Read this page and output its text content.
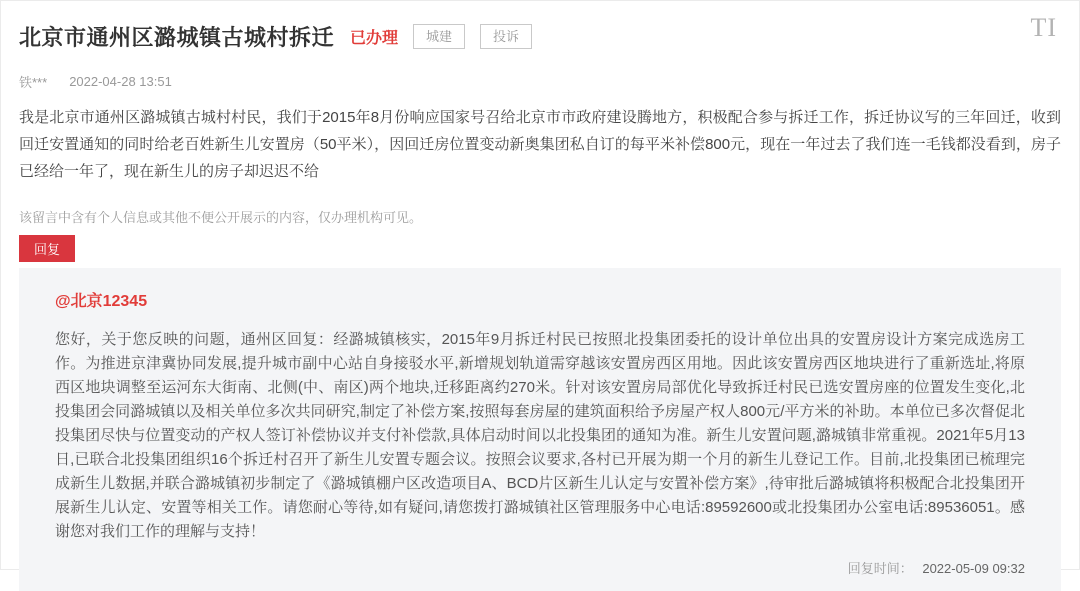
TI
北京市通州区潞城镇古城村拆迁 已办理	城建	投诉
铁*** 2022-04-28 13:51
我是北京市通州区潞城镇古城村村民，我们于2015年8月份响应国家号召给北京市市政府建设腾地方，积极配合参与拆迁工作，拆迁协议写的三年回迁，收到回迁安置通知的同时给老百姓新生儿安置房（50平米），因回迁房位置变动新奥集团私自订的每平米补偿800元，现在一年过去了我们连一毛钱都没看到，房子已经给一年了，现在新生儿的房子却迟迟不给
该留言中含有个人信息或其他不便公开展示的内容，仅办理机构可见。
回复
@北京12345
您好，关于您反映的问题，通州区回复：经潞城镇核实，2015年9月拆迁村民已按照北投集团委托的设计单位出具的安置房设计方案完成选房工作。为推进京津冀协同发展,提升城市副中心站自身接驳水平,新增规划轨道需穿越该安置房西区用地。因此该安置房西区地块进行了重新选址,将原西区地块调整至运河东大街南、北侧(中、南区)两个地块,迁移距离约270米。针对该安置房局部优化导致拆迁村民已选安置房座的位置发生变化,北投集团会同潞城镇以及相关单位多次共同研究,制定了补偿方案,按照每套房屋的建筑面积给予房屋产权人800元/平方米的补助。本单位已多次督促北投集团尽快与位置变动的产权人签订补偿协议并支付补偿款,具体启动时间以北投集团的通知为准。新生儿安置问题,潞城镇非常重视。2021年5月13日,已联合北投集团组织16个拆迁村召开了新生儿安置专题会议。按照会议要求,各村已开展为期一个月的新生儿登记工作。目前,北投集团已梳理完成新生儿数据,并联合潞城镇初步制定了《潞城镇棚户区改造项目A、BCD片区新生儿认定与安置补偿方案》,待审批后潞城镇将积极配合北投集团开展新生儿认定、安置等相关工作。请您耐心等待,如有疑问,请您拨打潞城镇社区管理服务中心电话:89592600或北投集团办公室电话:89536051。感谢您对我们工作的理解与支持！
回复时间： 2022-05-09 09:32
